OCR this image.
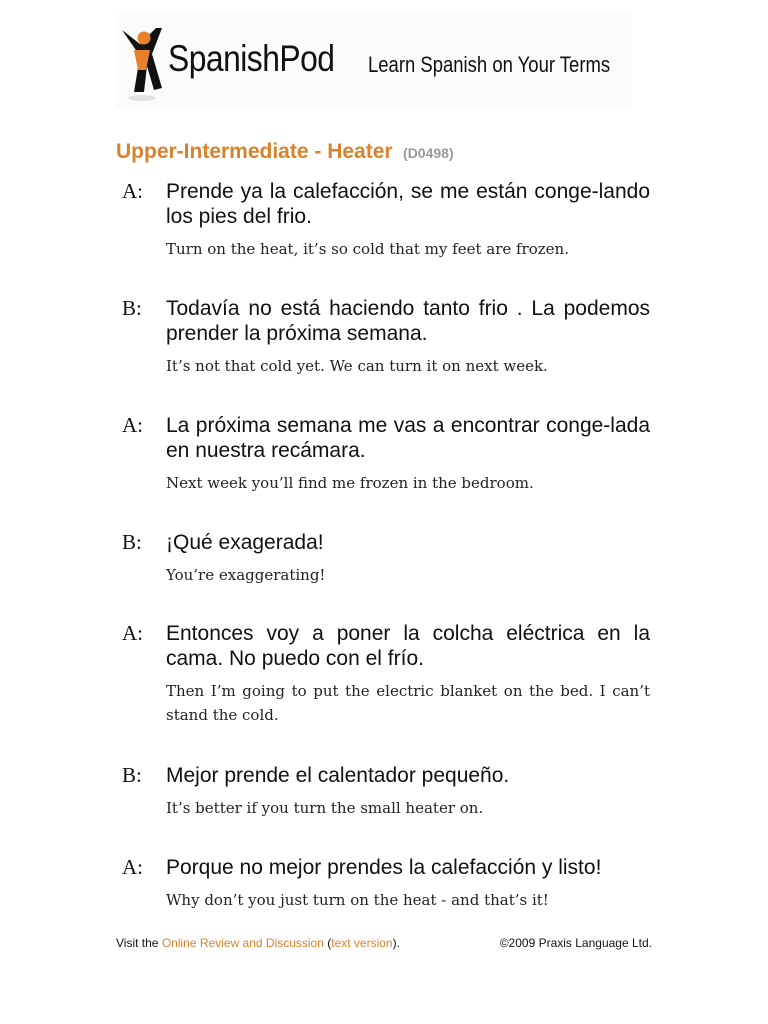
SpanishPod Learn Spanish on Your Terms
Upper-Intermediate - Heater (D0498)
A: Prende ya la calefacción, se me están conge-lando los pies del frio.
Turn on the heat, it’s so cold that my feet are frozen.
B: Todavía no está haciendo tanto frio . La podemos prender la próxima semana.
It’s not that cold yet. We can turn it on next week.
A: La próxima semana me vas a encontrar conge-lada en nuestra recámara.
Next week you’ll find me frozen in the bedroom.
B: ¡Qué exagerada!
You’re exaggerating!
A: Entonces voy a poner la colcha eléctrica en la cama. No puedo con el frío.
Then I’m going to put the electric blanket on the bed. I can’t stand the cold.
B: Mejor prende el calentador pequeño.
It’s better if you turn the small heater on.
A: Porque no mejor prendes la calefacción y listo!
Why don’t you just turn on the heat - and that’s it!
Visit the Online Review and Discussion (text version).	©2009 Praxis Language Ltd.
